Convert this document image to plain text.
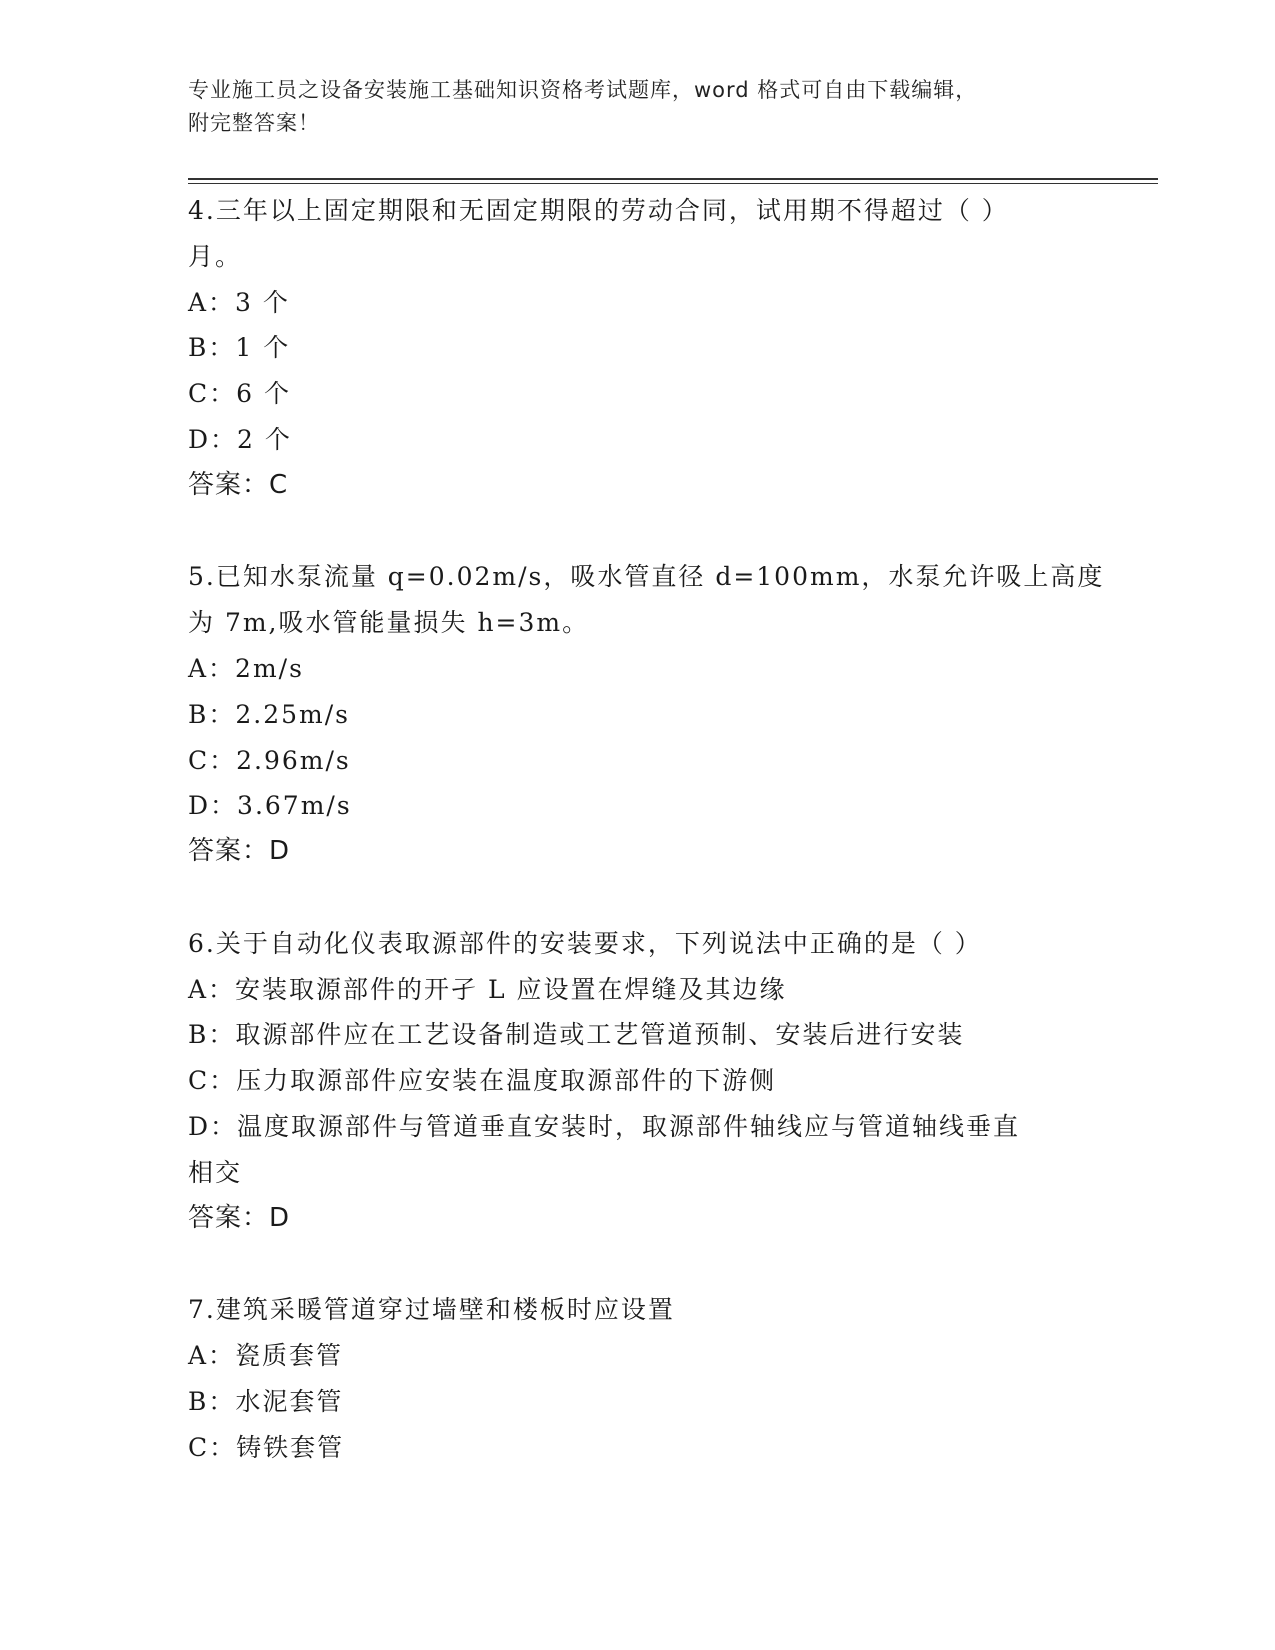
专业施工员之设备安装施工基础知识资格考试题库，word 格式可自由下载编辑，
附完整答案！
4.三年以上固定期限和无固定期限的劳动合同，试用期不得超过（ ）
月。
A：3 个
B：1 个
C：6 个
D：2 个
答案：C
5.已知水泵流量 q=0.02m/s，吸水管直径 d=100mm，水泵允许吸上高度
为 7m,吸水管能量损失 h=3m。
A：2m/s
B：2.25m/s
C：2.96m/s
D：3.67m/s
答案：D
6.关于自动化仪表取源部件的安装要求，下列说法中正确的是（ ）
A：安装取源部件的开孑 L 应设置在焊缝及其边缘
B：取源部件应在工艺设备制造或工艺管道预制、安装后进行安装
C：压力取源部件应安装在温度取源部件的下游侧
D：温度取源部件与管道垂直安装时，取源部件轴线应与管道轴线垂直
相交
答案：D
7.建筑采暖管道穿过墙壁和楼板时应设置
A：瓷质套管
B：水泥套管
C：铸铁套管
